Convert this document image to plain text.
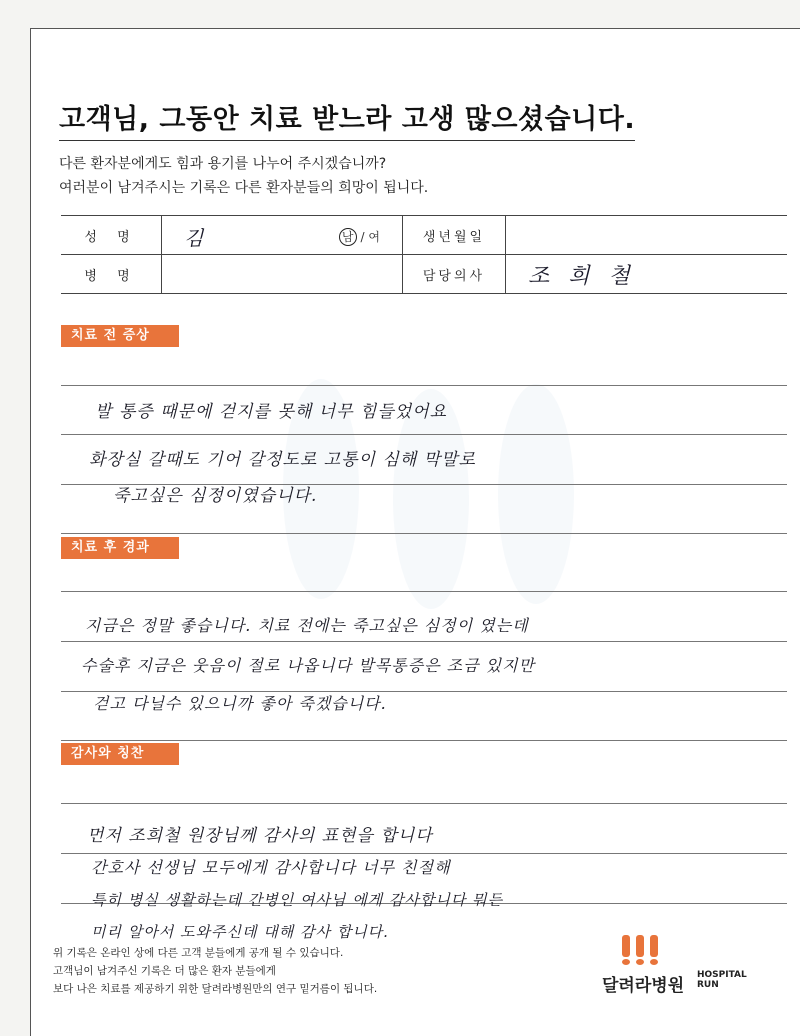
고객님, 그동안 치료 받느라 고생 많으셨습니다.
다른 환자분에게도 힘과 용기를 나누어 주시겠습니까?
여러분이 남겨주시는 기록은 다른 환자분들의 희망이 됩니다.
성 명	김 남 / 여	생년월일	
병 명		담당의사	조 희 철
치료 전 증상
발 통증 때문에 걷지를 못해 너무 힘들었어요
화장실 갈때도 기어 갈정도로 고통이 심해 막말로
죽고싶은 심정이였습니다.
치료 후 경과
지금은 정말 좋습니다. 치료 전에는 죽고싶은 심정이 였는데
수술후 지금은 웃음이 절로 나옵니다 발목통증은 조금 있지만
걷고 다닐수 있으니까 좋아 죽겠습니다.
감사와 칭찬
먼저 조희철 원장님께 감사의 표현을 합니다
간호사 선생님 모두에게 감사합니다 너무 친절해
특히 병실 생활하는데 간병인 여사님 에게 감사합니다 뭐든
미리 알아서 도와주신데 대해 감사 합니다.
위 기록은 온라인 상에 다른 고객 분들에게 공개 될 수 있습니다.
고객님이 남겨주신 기록은 더 많은 환자 분들에게
보다 나은 치료를 제공하기 위한 달려라병원만의 연구 밑거름이 됩니다.	달려라병원
HOSPITAL
RUN
